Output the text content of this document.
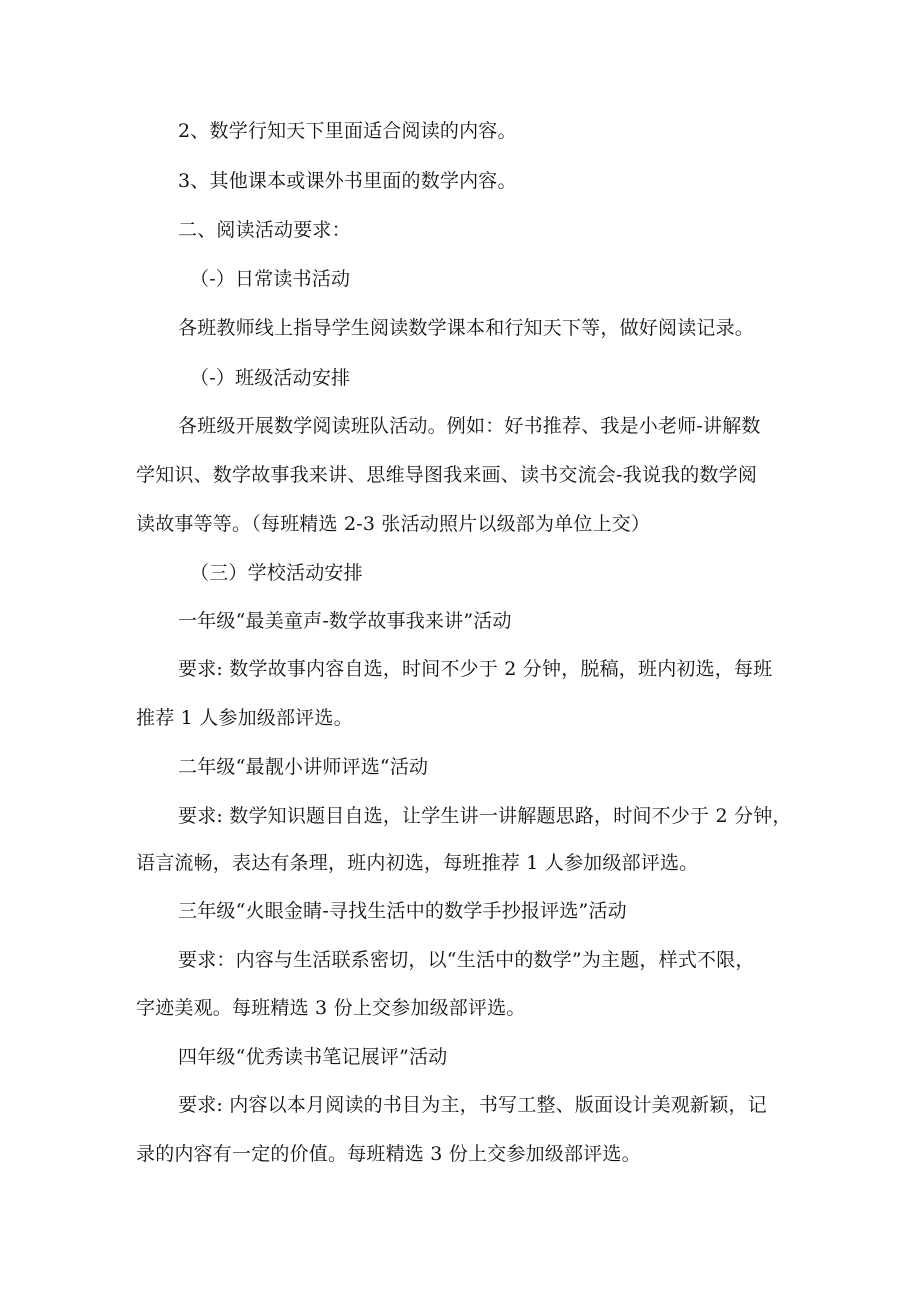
2、数学行知天下里面适合阅读的内容。
3、其他课本或课外书里面的数学内容。
二、阅读活动要求：
（-）日常读书活动
各班教师线上指导学生阅读数学课本和行知天下等，做好阅读记录。
（-）班级活动安排
各班级开展数学阅读班队活动。例如：好书推荐、我是小老师-讲解数
学知识、数学故事我来讲、思维导图我来画、读书交流会-我说我的数学阅
读故事等等。（每班精选 2-3 张活动照片以级部为单位上交）
（三）学校活动安排
一年级“最美童声-数学故事我来讲”活动
要求: 数学故事内容自选，时间不少于 2 分钟，脱稿，班内初选，每班
推荐 1 人参加级部评选。
二年级“最靓小讲师评选“活动
要求: 数学知识题目自选，让学生讲一讲解题思路，时间不少于 2 分钟，
语言流畅，表达有条理，班内初选，每班推荐 1 人参加级部评选。
三年级“火眼金睛-寻找生活中的数学手抄报评选”活动
要求：内容与生活联系密切，以“生活中的数学”为主题，样式不限，
字迹美观。每班精选 3 份上交参加级部评选。
四年级“优秀读书笔记展评”活动
要求: 内容以本月阅读的书目为主，书写工整、版面设计美观新颖，记
录的内容有一定的价值。每班精选 3 份上交参加级部评选。
